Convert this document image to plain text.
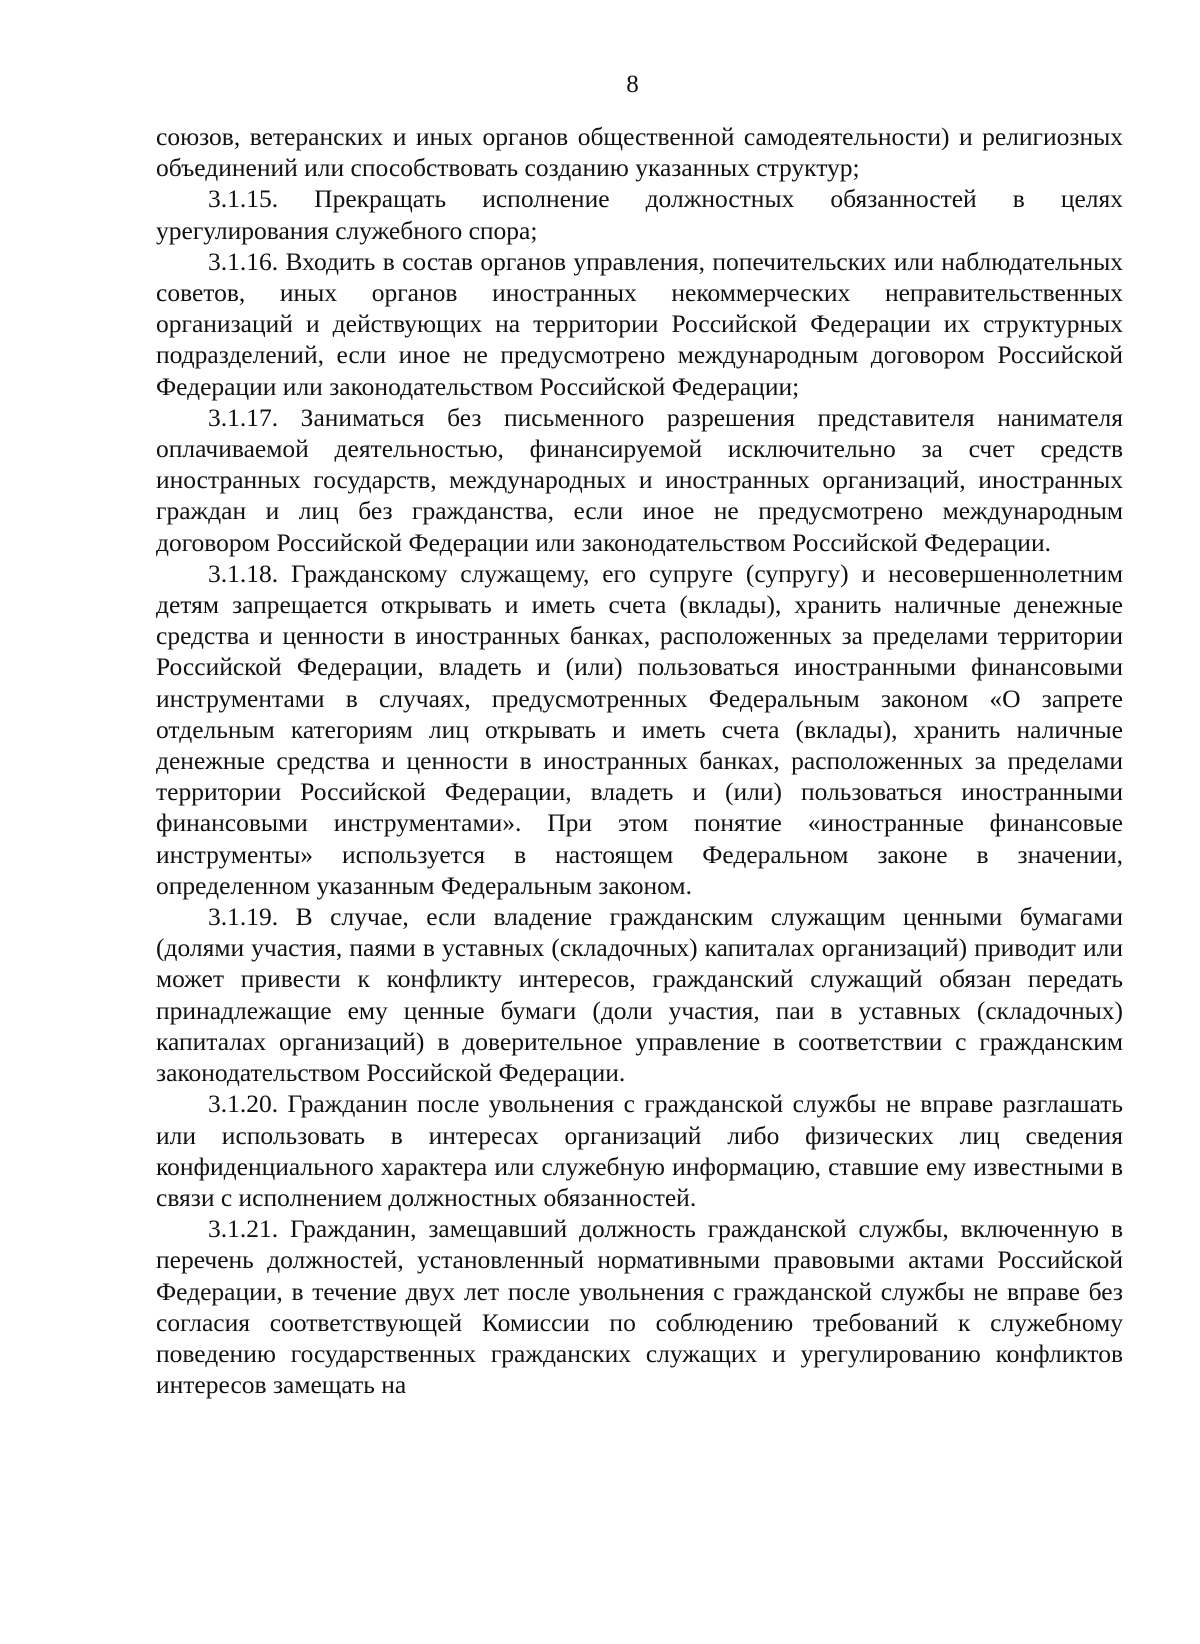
8

союзов, ветеранских и иных органов общественной самодеятельности) и религиозных объединений или способствовать созданию указанных структур;

3.1.15. Прекращать исполнение должностных обязанностей в целях урегулирования служебного спора;

3.1.16. Входить в состав органов управления, попечительских или наблюдательных советов, иных органов иностранных некоммерческих неправительственных организаций и действующих на территории Российской Федерации их структурных подразделений, если иное не предусмотрено международным договором Российской Федерации или законодательством Российской Федерации;

3.1.17. Заниматься без письменного разрешения представителя нанимателя оплачиваемой деятельностью, финансируемой исключительно за счет средств иностранных государств, международных и иностранных организаций, иностранных граждан и лиц без гражданства, если иное не предусмотрено международным договором Российской Федерации или законодательством Российской Федерации.

3.1.18. Гражданскому служащему, его супруге (супругу) и несовершеннолетним детям запрещается открывать и иметь счета (вклады), хранить наличные денежные средства и ценности в иностранных банках, расположенных за пределами территории Российской Федерации, владеть и (или) пользоваться иностранными финансовыми инструментами в случаях, предусмотренных Федеральным законом «О запрете отдельным категориям лиц открывать и иметь счета (вклады), хранить наличные денежные средства и ценности в иностранных банках, расположенных за пределами территории Российской Федерации, владеть и (или) пользоваться иностранными финансовыми инструментами». При этом понятие «иностранные финансовые инструменты» используется в настоящем Федеральном законе в значении, определенном указанным Федеральным законом.

3.1.19. В случае, если владение гражданским служащим ценными бумагами (долями участия, паями в уставных (складочных) капиталах организаций) приводит или может привести к конфликту интересов, гражданский служащий обязан передать принадлежащие ему ценные бумаги (доли участия, паи в уставных (складочных) капиталах организаций) в доверительное управление в соответствии с гражданским законодательством Российской Федерации.

3.1.20. Гражданин после увольнения с гражданской службы не вправе разглашать или использовать в интересах организаций либо физических лиц сведения конфиденциального характера или служебную информацию, ставшие ему известными в связи с исполнением должностных обязанностей.

3.1.21. Гражданин, замещавший должность гражданской службы, включенную в перечень должностей, установленный нормативными правовыми актами Российской Федерации, в течение двух лет после увольнения с гражданской службы не вправе без согласия соответствующей Комиссии по соблюдению требований к служебному поведению государственных гражданских служащих и урегулированию конфликтов интересов замещать на
